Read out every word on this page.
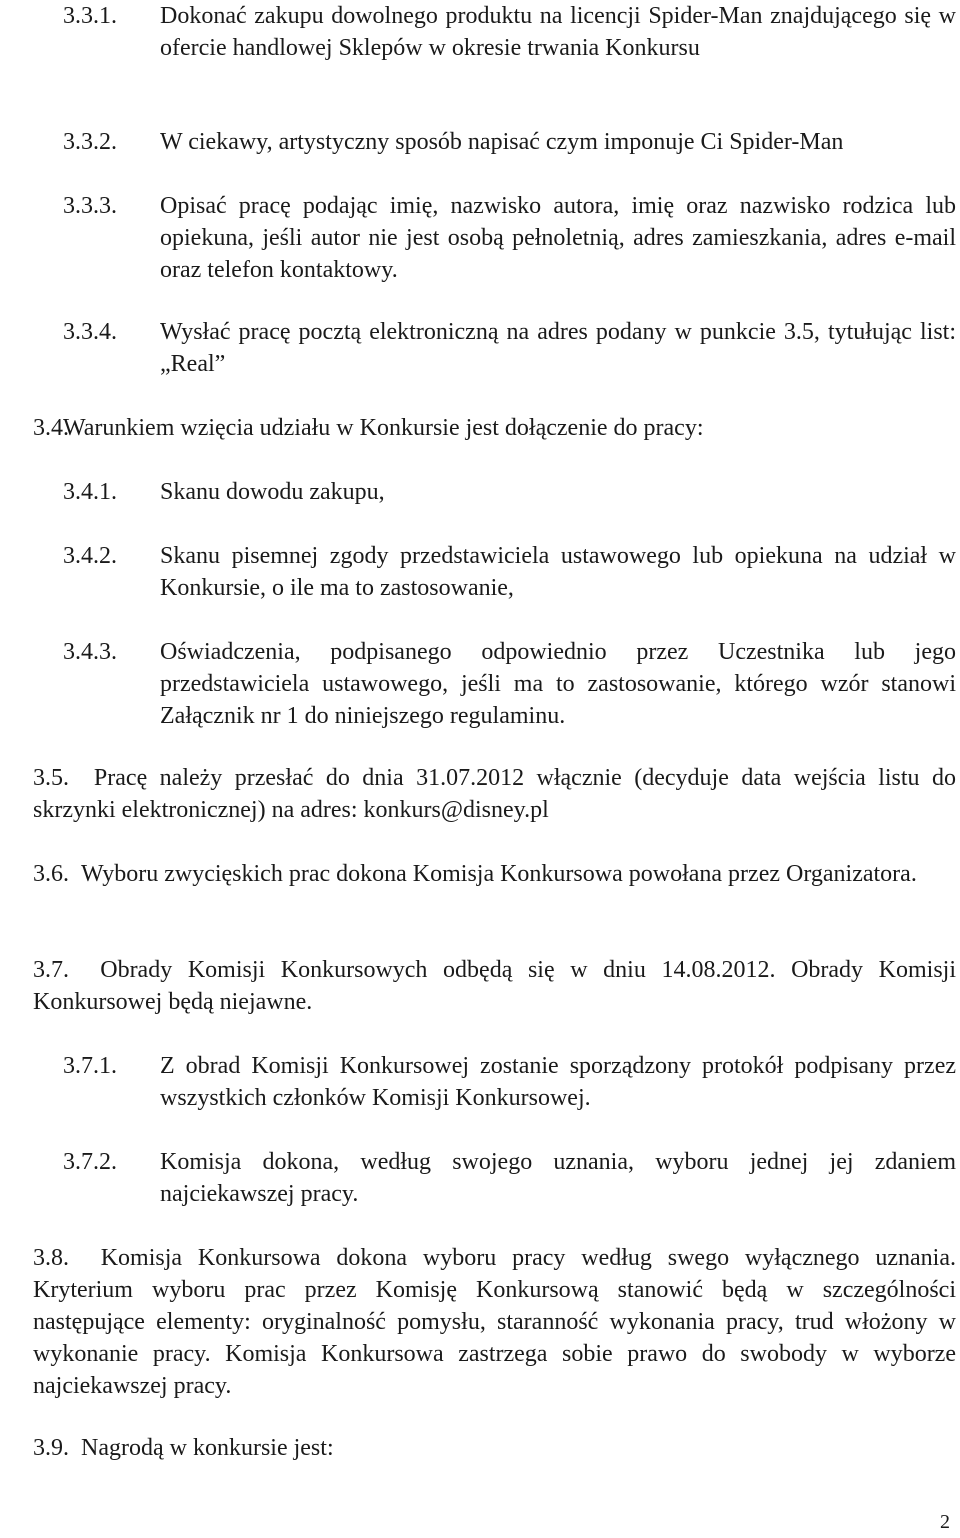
3.3.1. Dokonać zakupu dowolnego produktu na licencji Spider-Man znajdującego się w ofercie handlowej Sklepów w okresie trwania Konkursu
3.3.2. W ciekawy, artystyczny sposób napisać czym imponuje Ci Spider-Man
3.3.3. Opisać pracę podając imię, nazwisko autora, imię oraz nazwisko rodzica lub opiekuna, jeśli autor nie jest osobą pełnoletnią, adres zamieszkania, adres e-mail oraz telefon kontaktowy.
3.3.4. Wysłać pracę pocztą elektroniczną na adres podany w punkcie 3.5, tytułując list: „Real”
3.4.
Warunkiem wzięcia udziału w Konkursie jest dołączenie do pracy:
3.4.1. Skanu dowodu zakupu,
3.4.2. Skanu pisemnej zgody przedstawiciela ustawowego lub opiekuna na udział w Konkursie, o ile ma to zastosowanie,
3.4.3. Oświadczenia, podpisanego odpowiednio przez Uczestnika lub jego przedstawiciela ustawowego, jeśli ma to zastosowanie, którego wzór stanowi Załącznik nr 1 do niniejszego regulaminu.
3.5. Pracę należy przesłać do dnia 31.07.2012 włącznie (decyduje data wejścia listu do skrzynki elektronicznej) na adres: konkurs@disney.pl
3.6. Wyboru zwycięskich prac dokona Komisja Konkursowa powołana przez Organizatora.
3.7. Obrady Komisji Konkursowych odbędą się w dniu 14.08.2012. Obrady Komisji Konkursowej będą niejawne.
3.7.1. Z obrad Komisji Konkursowej zostanie sporządzony protokół podpisany przez wszystkich członków Komisji Konkursowej.
3.7.2. Komisja dokona, według swojego uznania, wyboru jednej jej zdaniem najciekawszej pracy.
3.8. Komisja Konkursowa dokona wyboru pracy według swego wyłącznego uznania. Kryterium wyboru prac przez Komisję Konkursową stanowić będą w szczególności następujące elementy: oryginalność pomysłu, staranność wykonania pracy, trud włożony w wykonanie pracy. Komisja Konkursowa zastrzega sobie prawo do swobody w wyborze najciekawszej pracy.
3.9. Nagrodą w konkursie jest:
2
